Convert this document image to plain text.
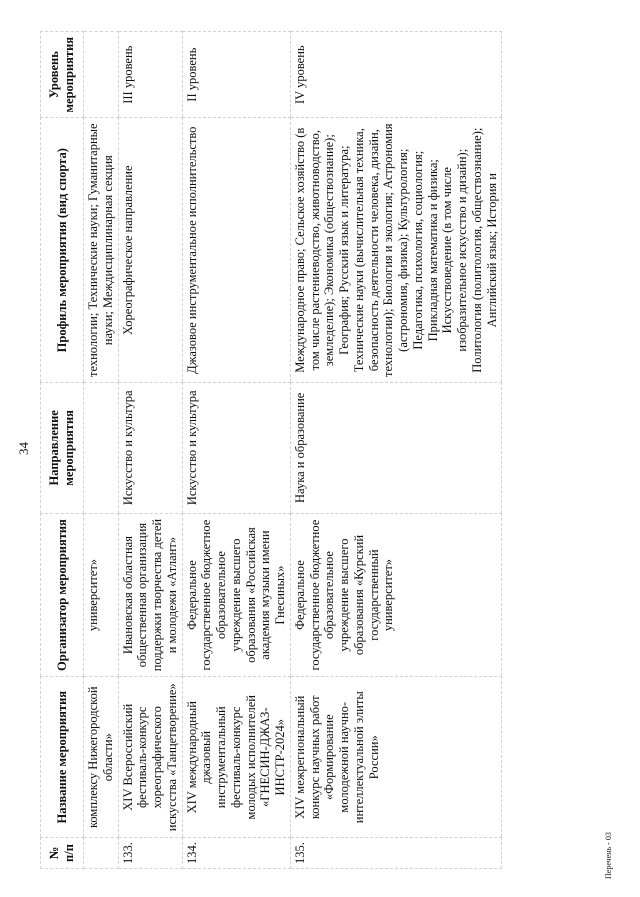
34
№ п/п	Название мероприятия	Организатор мероприятия	Направление мероприятия	Профиль мероприятия (вид спорта)	Уровень мероприятия
	комплексу Нижегородской области»	университет»		технологии; Технические науки; Гуманитарные науки; Междисциплинарная секция	
133.	XIV Всероссийский фестиваль-конкурс хореографического искусства «Танцетворение»	Ивановская областная общественная организация поддержки творчества детей и молодежи «Атлант»	Искусство и культура	Хореографическое направление	III уровень
134.	XIV международный джазовый инструментальный фестиваль-конкурс молодых исполнителей «ГНЕСИН-ДЖАЗ-ИНСТР-2024»	Федеральное государственное бюджетное образовательное учреждение высшего образования «Российская академия музыки имени Гнесиных»	Искусство и культура	Джазовое инструментальное исполнительство	II уровень
135.	XIV межрегиональный конкурс научных работ «Формирование молодежной научно-интеллектуальной элиты России»	Федеральное государственное бюджетное образовательное учреждение высшего образования «Курский государственный университет»	Наука и образование	Международное право; Сельское хозяйство (в том числе растениеводство, животноводство, земледелие); Экономика (обществознание); География; Русский язык и литература; Технические науки (вычислительная техника, безопасность деятельности человека, дизайн, технологии); Биология и экология; Астрономия (астрономия, физика); Культурология; Педагогика, психология, социология; Прикладная математика и физика; Искусствоведение (в том числе изобразительное искусство и дизайн); Политология (политология, обществознание); Английский язык; История и	IV уровень
Перечень - 03
